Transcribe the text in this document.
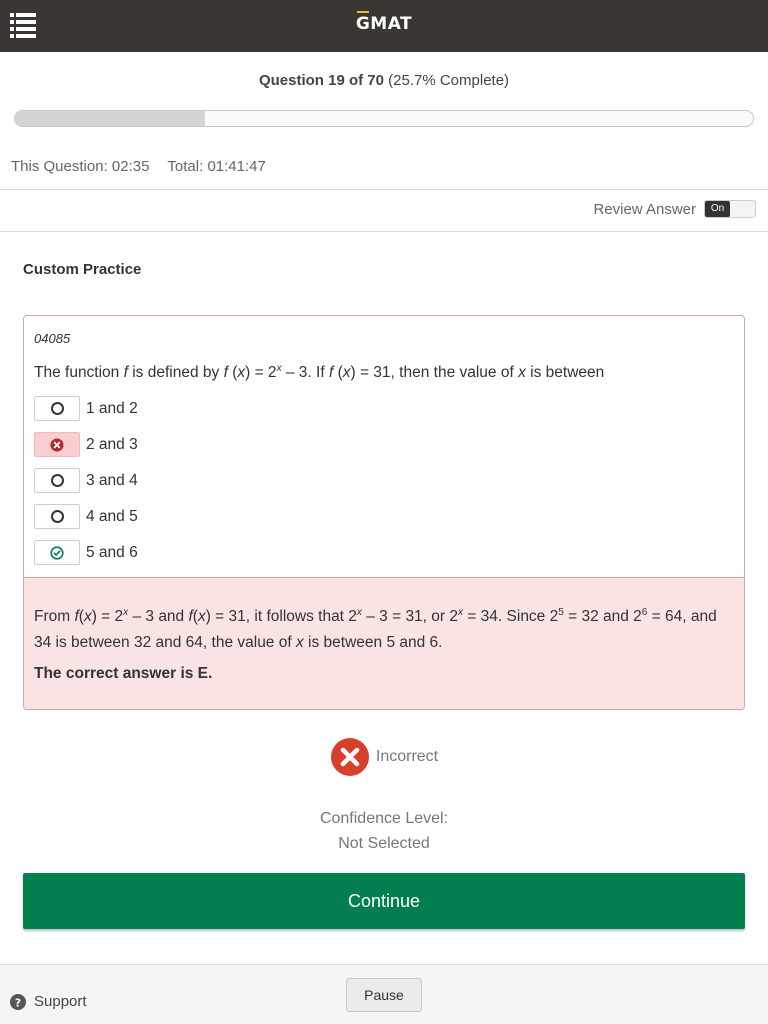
GMAT
Question 19 of 70 (25.7% Complete)
This Question: 02:35 Total: 01:41:47
Review Answer	On
Custom Practice
04085
The function f is defined by f $(x) = 2^x - 3$. If f (x) = 31, then the value of x is between
1 and 2
2 and 3
3 and 4
4 and 5
5 and 6
From $f(x) = 2^x - 3$ and f(x) = 31, it follows that 2$^x$ – 3 = 31, or $2^x = 34$. Since $2^5 = 32$ and $2^6 = 64$, and 34 is between 32 and 64, the value of x is between 5 and 6.
The correct answer is E.
Incorrect
Confidence Level:
Not Selected
Continue
? Support	Pause
